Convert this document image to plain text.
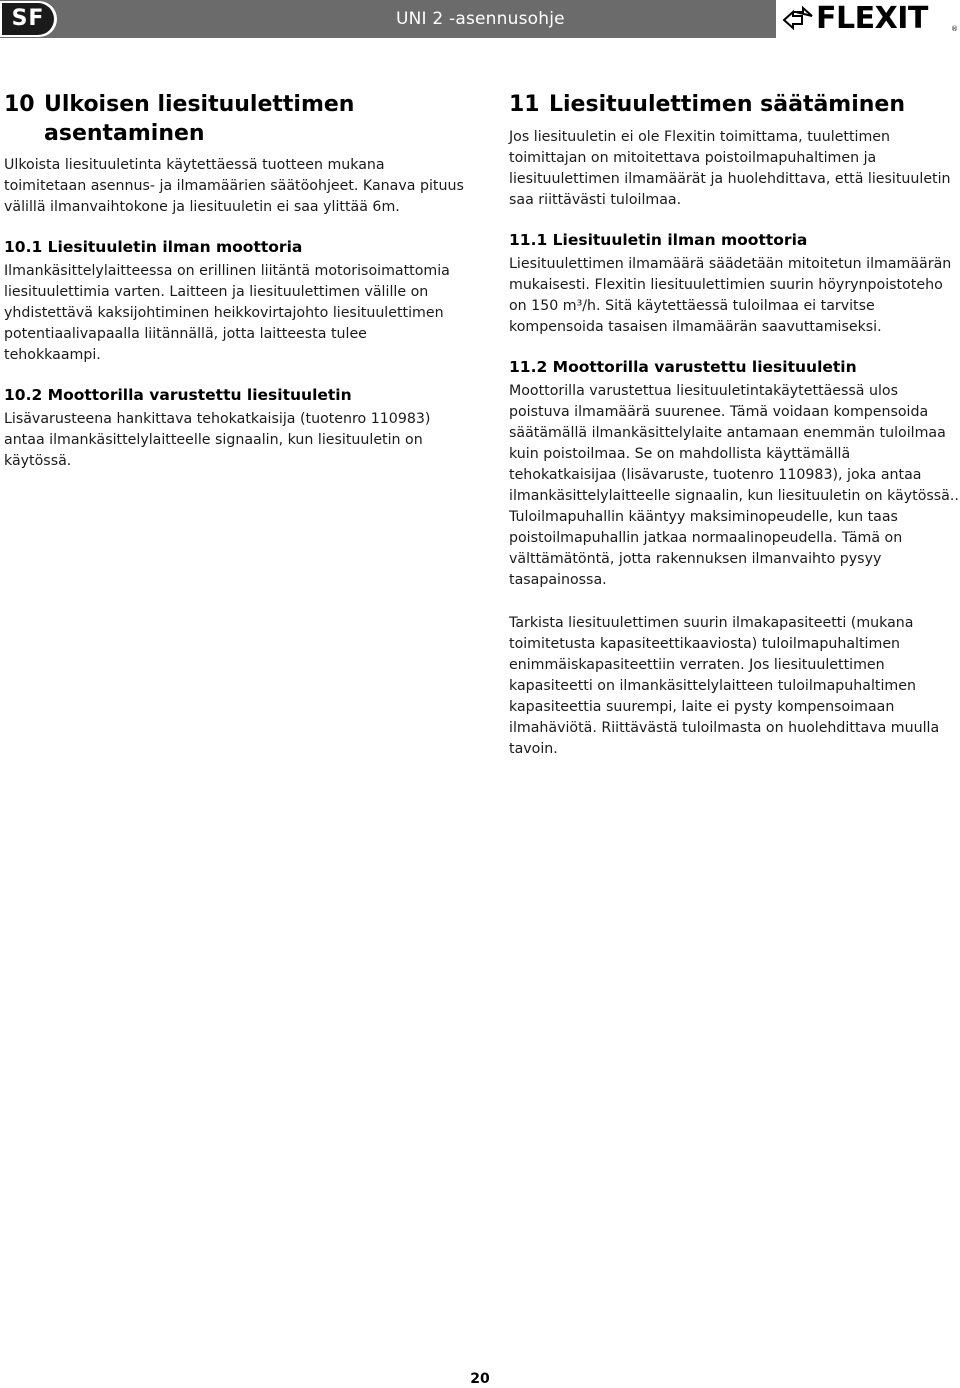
SF	UNI 2 -asennusohje	FLEXIT	®
10 Ulkoisen liesituulettimen asentaminen

Ulkoista liesituuletinta käytettäessä tuotteen mukana toimitetaan asennus- ja ilmamäärien säätöohjeet. Kanava pituus välillä ilmanvaihtokone ja liesituuletin ei saa ylittää 6m.

10.1 Liesituuletin ilman moottoria

Ilmankäsittelylaitteessa on erillinen liitäntä motorisoimattomia liesituulettimia varten. Laitteen ja liesituulettimen välille on yhdistettävä kaksijohtiminen heikkovirtajohto liesituulettimen potentiaalivapaalla liitännällä, jotta laitteesta tulee tehokkaampi.

10.2 Moottorilla varustettu liesituuletin

Lisävarusteena hankittava tehokatkaisija (tuotenro 110983) antaa ilmankäsittelylaitteelle signaalin, kun liesituuletin on käytössä.

11 Liesituulettimen säätäminen

Jos liesituuletin ei ole Flexitin toimittama, tuulettimen toimittajan on mitoitettava poistoilmapuhaltimen ja liesituulettimen ilmamäärät ja huolehdittava, että liesituuletin saa riittävästi tuloilmaa.

11.1 Liesituuletin ilman moottoria

Liesituulettimen ilmamäärä säädetään mitoitetun ilmamäärän mukaisesti. Flexitin liesituulettimien suurin höyrynpoistoteho on 150 m³/h. Sitä käytettäessä tuloilmaa ei tarvitse kompensoida tasaisen ilmamäärän saavuttamiseksi.

11.2 Moottorilla varustettu liesituuletin

Moottorilla varustettua liesituuletintakäytettäessä ulos poistuva ilmamäärä suurenee. Tämä voidaan kompensoida säätämällä ilmankäsittelylaite antamaan enemmän tuloilmaa kuin poistoilmaa. Se on mahdollista käyttämällä tehokatkaisijaa (lisävaruste, tuotenro 110983), joka antaa ilmankäsittelylaitteelle signaalin, kun liesituuletin on käytössä.. Tuloilmapuhallin kääntyy maksiminopeudelle, kun taas poistoilmapuhallin jatkaa normaalinopeudella. Tämä on välttämätöntä, jotta rakennuksen ilmanvaihto pysyy tasapainossa.

Tarkista liesituulettimen suurin ilmakapasiteetti (mukana toimitetusta kapasiteettikaaviosta) tuloilmapuhaltimen enimmäiskapasiteettiin verraten. Jos liesituulettimen kapasiteetti on ilmankäsittelylaitteen tuloilmapuhaltimen kapasiteettia suurempi, laite ei pysty kompensoimaan ilmahäviötä. Riittävästä tuloilmasta on huolehdittava muulla tavoin.

20
